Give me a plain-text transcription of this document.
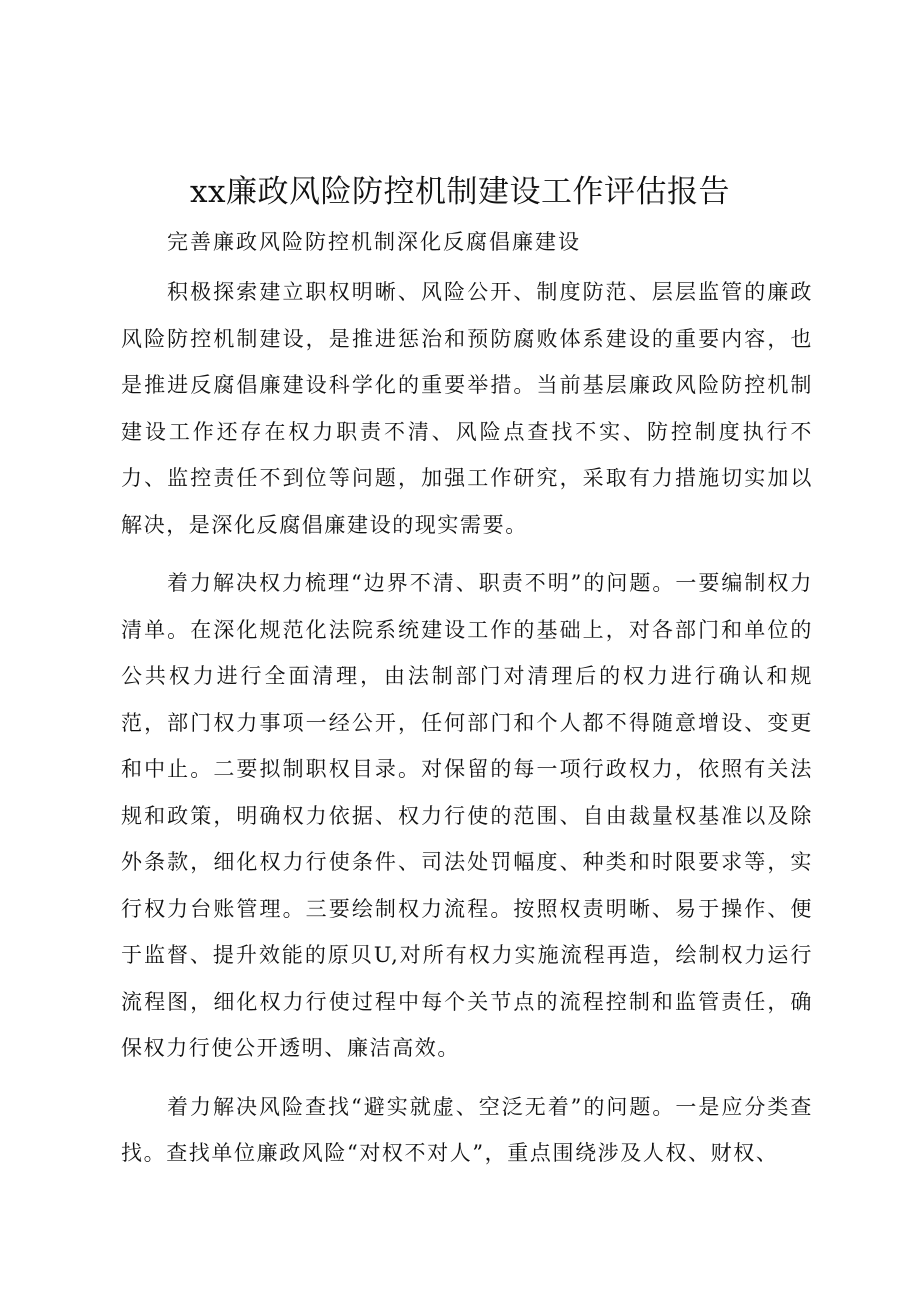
xx廉政风险防控机制建设工作评估报告
完善廉政风险防控机制深化反腐倡廉建设

积极探索建立职权明晰、风险公开、制度防范、层层监管的廉政风险防控机制建设，是推进惩治和预防腐败体系建设的重要内容，也是推进反腐倡廉建设科学化的重要举措。当前基层廉政风险防控机制建设工作还存在权力职责不清、风险点查找不实、防控制度执行不力、监控责任不到位等问题，加强工作研究，采取有力措施切实加以解决，是深化反腐倡廉建设的现实需要。

着力解决权力梳理“边界不清、职责不明”的问题。一要编制权力清单。在深化规范化法院系统建设工作的基础上，对各部门和单位的公共权力进行全面清理，由法制部门对清理后的权力进行确认和规范，部门权力事项一经公开，任何部门和个人都不得随意增设、变更和中止。二要拟制职权目录。对保留的每一项行政权力，依照有关法规和政策，明确权力依据、权力行使的范围、自由裁量权基准以及除外条款，细化权力行使条件、司法处罚幅度、种类和时限要求等，实行权力台账管理。三要绘制权力流程。按照权责明晰、易于操作、便于监督、提升效能的原贝U,对所有权力实施流程再造，绘制权力运行流程图，细化权力行使过程中每个关节点的流程控制和监管责任，确保权力行使公开透明、廉洁高效。

着力解决风险查找“避实就虚、空泛无着”的问题。一是应分类查找。查找单位廉政风险“对权不对人”，重点围绕涉及人权、财权、
